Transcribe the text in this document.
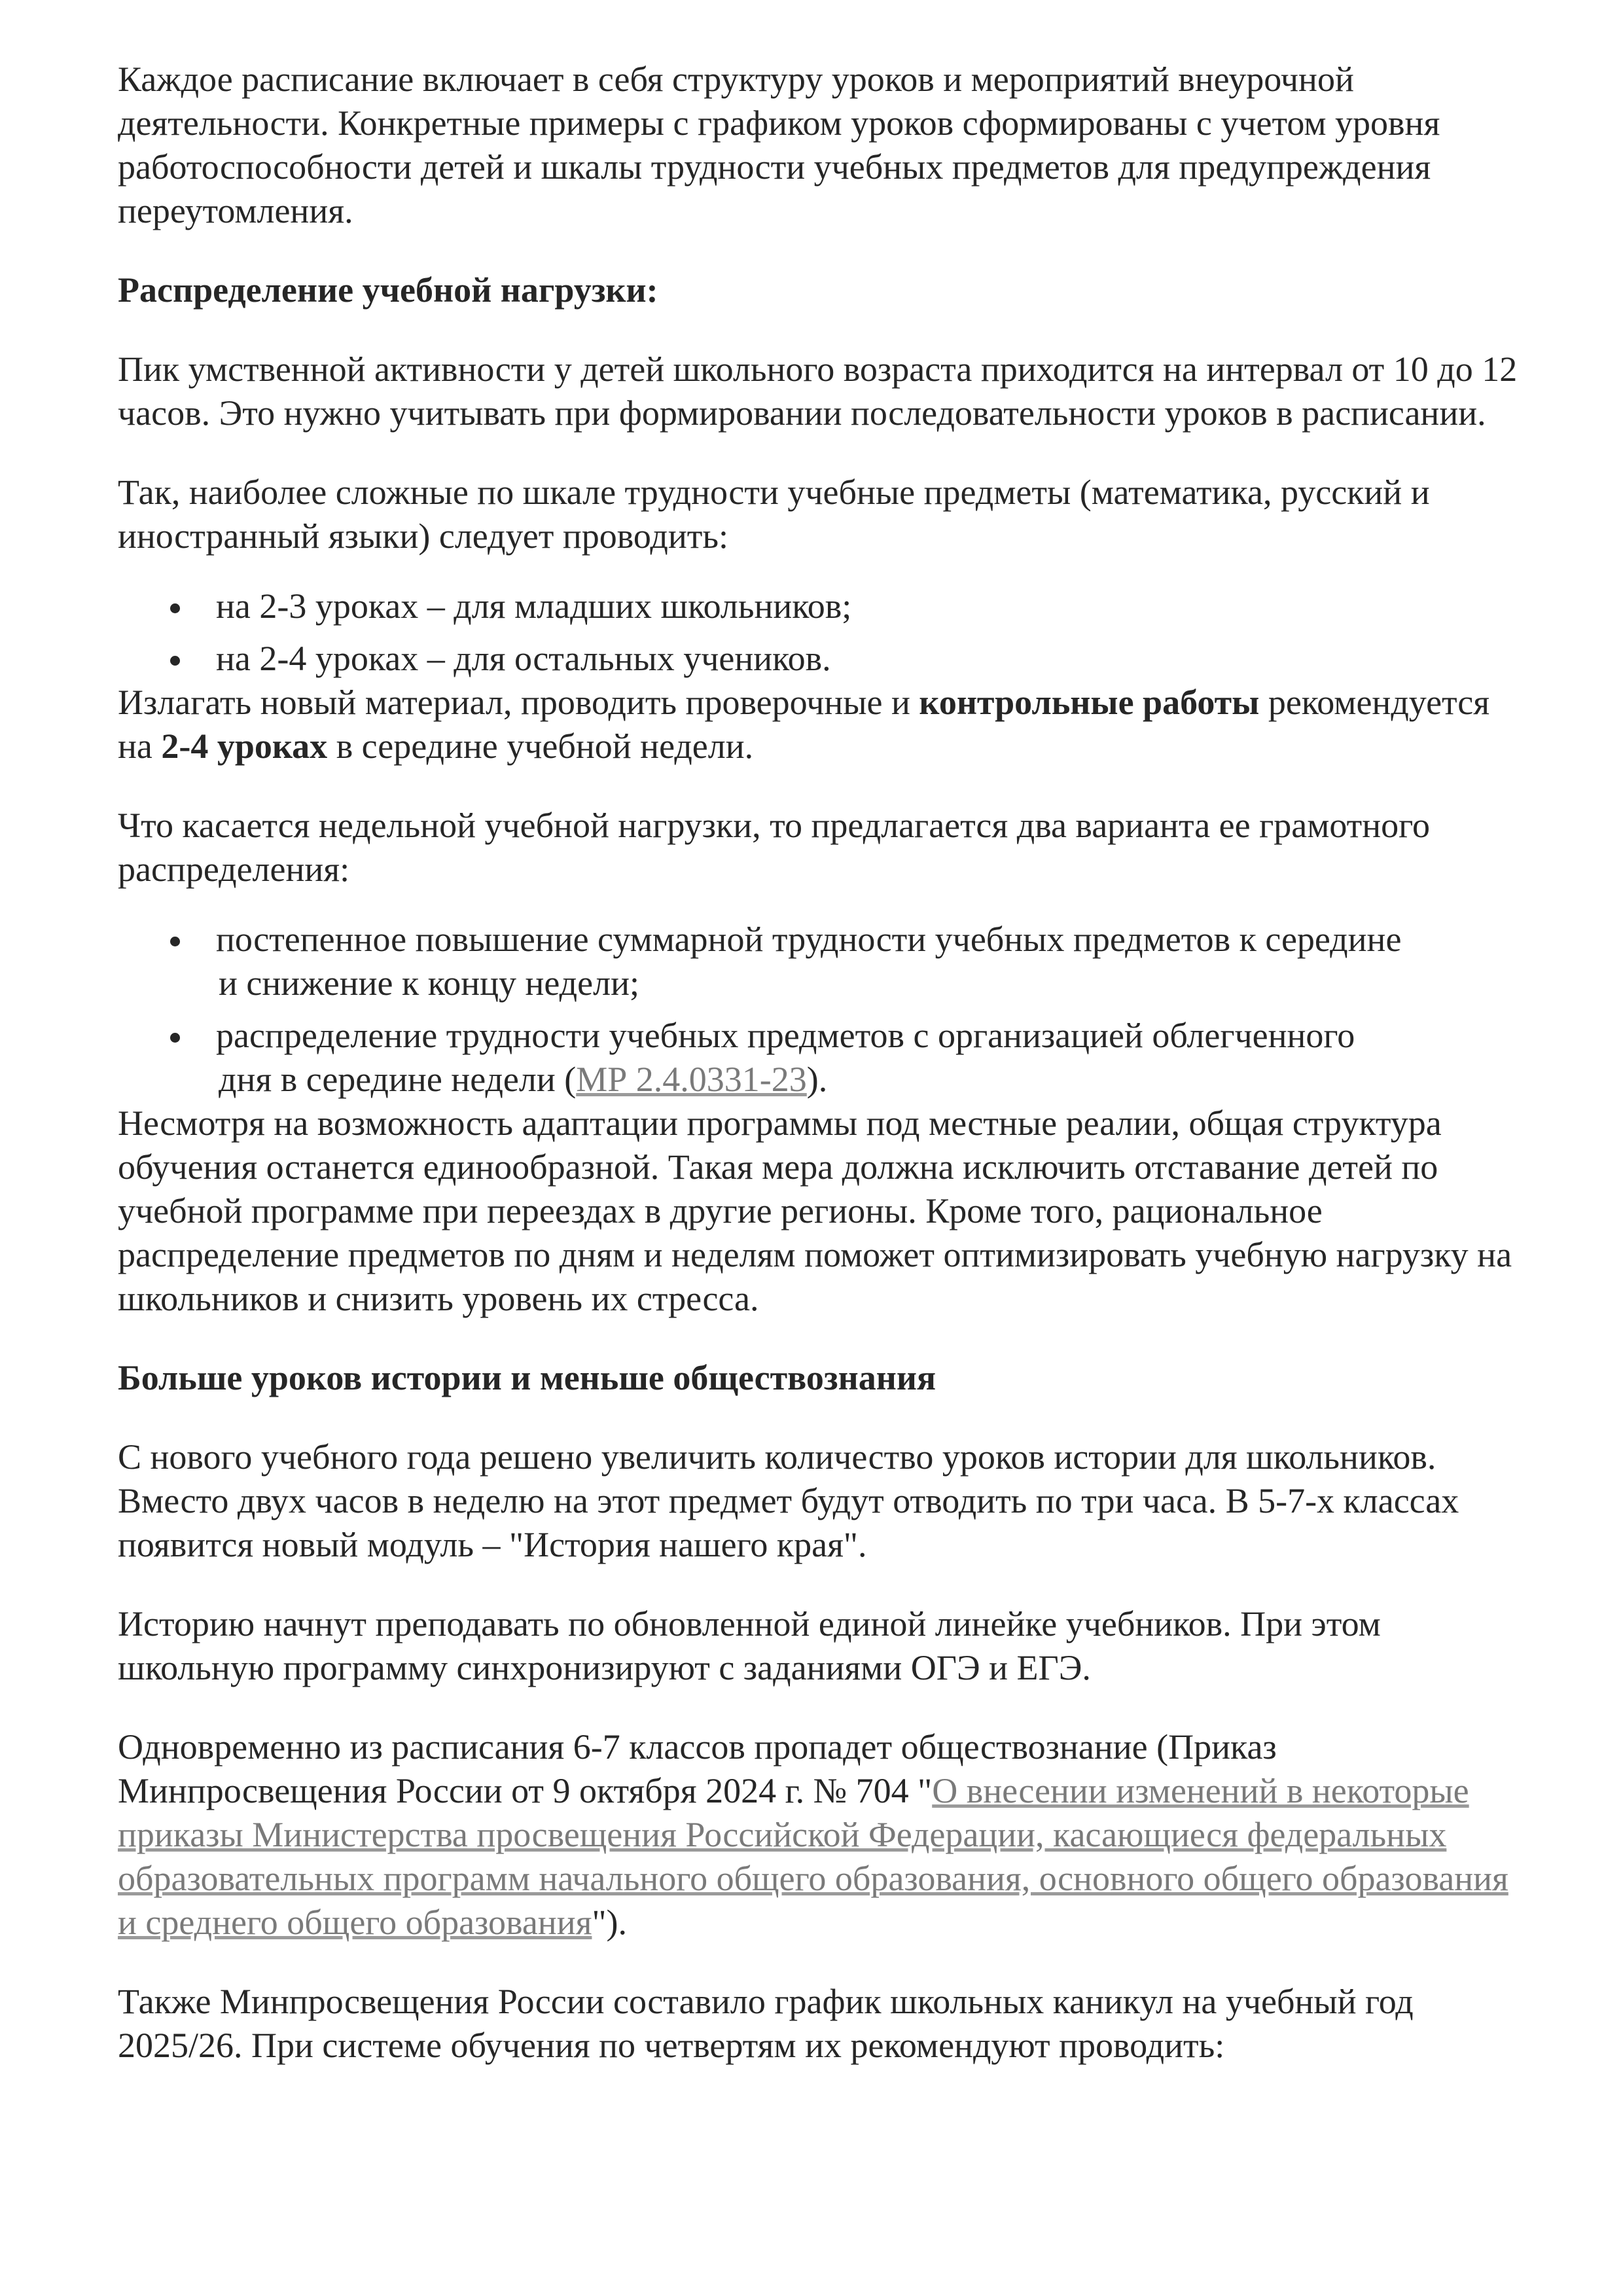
Каждое расписание включает в себя структуру уроков и мероприятий внеурочной деятельности. Конкретные примеры с графиком уроков сформированы с учетом уровня работоспособности детей и шкалы трудности учебных предметов для предупреждения переутомления.

Распределение учебной нагрузки:

Пик умственной активности у детей школьного возраста приходится на интервал от 10 до 12 часов. Это нужно учитывать при формировании последовательности уроков в расписании.

Так, наиболее сложные по шкале трудности учебные предметы (математика, русский и иностранный языки) следует проводить:

на 2-3 уроках – для младших школьников;
на 2-4 уроках – для остальных учеников.

Излагать новый материал, проводить проверочные и контрольные работы рекомендуется на 2-4 уроках в середине учебной недели.

Что касается недельной учебной нагрузки, то предлагается два варианта ее грамотного распределения:

постепенное повышение суммарной трудности учебных предметов к середине
и снижение к концу недели;
распределение трудности учебных предметов с организацией облегченного
дня в середине недели (МР 2.4.0331-23).

Несмотря на возможность адаптации программы под местные реалии, общая структура обучения останется единообразной. Такая мера должна исключить отставание детей по учебной программе при переездах в другие регионы. Кроме того, рациональное распределение предметов по дням и неделям поможет оптимизировать учебную нагрузку на школьников и снизить уровень их стресса.

Больше уроков истории и меньше обществознания

С нового учебного года решено увеличить количество уроков истории для школьников. Вместо двух часов в неделю на этот предмет будут отводить по три часа. В 5-7-х классах появится новый модуль – "История нашего края".

Историю начнут преподавать по обновленной единой линейке учебников. При этом школьную программу синхронизируют с заданиями ОГЭ и ЕГЭ.

Одновременно из расписания 6-7 классов пропадет обществознание (Приказ Минпросвещения России от 9 октября 2024 г. № 704 "О внесении изменений в некоторые приказы Министерства просвещения Российской Федерации, касающиеся федеральных образовательных программ начального общего образования, основного общего образования и среднего общего образования").

Также Минпросвещения России составило график школьных каникул на учебный год 2025/26. При системе обучения по четвертям их рекомендуют проводить:
